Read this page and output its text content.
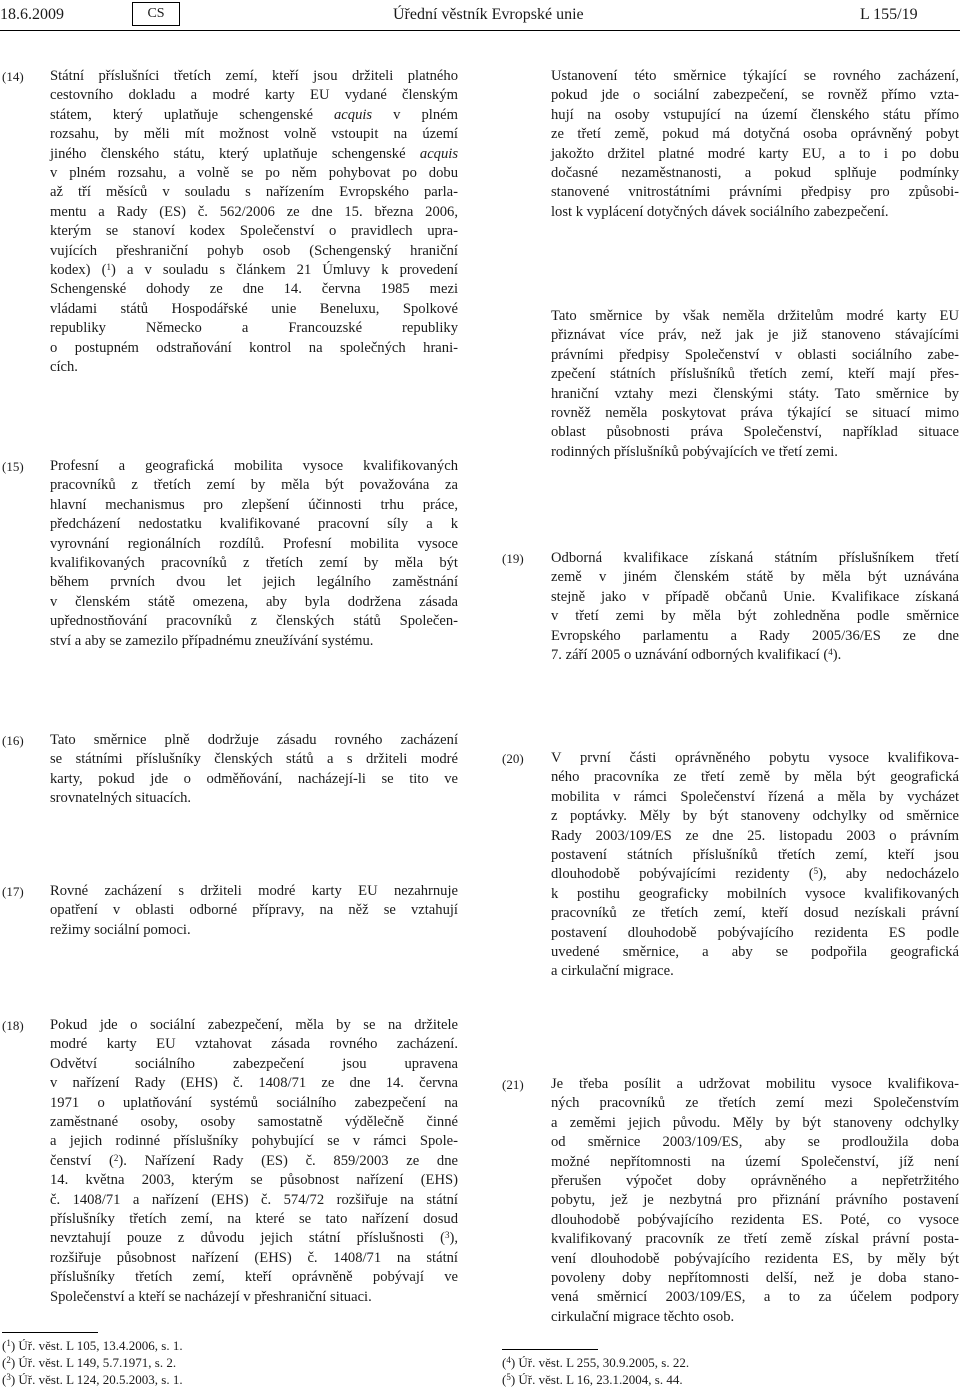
18.6.2009	CS	Úřední věstník Evropské unie	L 155/19
(14) Státní příslušníci třetích zemí, kteří jsou držiteli platného
cestovního dokladu a modré karty EU vydané členským
státem, který uplatňuje schengenské acquis v plném
rozsahu, by měli mít možnost volně vstoupit na území
jiného členského státu, který uplatňuje schengenské acquis
v plném rozsahu, a volně se po něm pohybovat po dobu
až tří měsíců v souladu s nařízením Evropského parla-
mentu a Rady (ES) č. 562/2006 ze dne 15. března 2006,
kterým se stanoví kodex Společenství o pravidlech upra-
vujících přeshraniční pohyb osob (Schengenský hraniční
kodex) ($^1$) a v souladu s článkem 21 Úmluvy k provedení
Schengenské dohody ze dne 14. června 1985 mezi
vládami států Hospodářské unie Beneluxu, Spolkové
republiky Německo a Francouzské republiky
o postupném odstraňování kontrol na společných hrani-
cích.
(15) Profesní a geografická mobilita vysoce kvalifikovaných
pracovníků z třetích zemí by měla být považována za
hlavní mechanismus pro zlepšení účinnosti trhu práce,
předcházení nedostatku kvalifikované pracovní síly a k
vyrovnání regionálních rozdílů. Profesní mobilita vysoce
kvalifikovaných pracovníků z třetích zemí by měla být
během prvních dvou let jejich legálního zaměstnání
v členském státě omezena, aby byla dodržena zásada
upřednostňování pracovníků z členských států Společen-
ství a aby se zamezilo případnému zneužívání systému.
Ustanovení této směrnice týkající se rovného zacházení,
pokud jde o sociální zabezpečení, se rovněž přímo vzta-
hují na osoby vstupující na území členského státu přímo
ze třetí země, pokud má dotyčná osoba oprávněný pobyt
jakožto držitel platné modré karty EU, a to i po dobu
dočasné nezaměstnanosti, a pokud splňuje podmínky
stanovené vnitrostátními právními předpisy pro způsobi-
lost k vyplácení dotyčných dávek sociálního zabezpečení.
Tato směrnice by však neměla držitelům modré karty EU
přiznávat více práv, než jak je již stanoveno stávajícími
právními předpisy Společenství v oblasti sociálního zabe-
zpečení státních příslušníků třetích zemí, kteří mají přes-
hraniční vztahy mezi členskými státy. Tato směrnice by
rovněž neměla poskytovat práva týkající se situací mimo
oblast působnosti práva Společenství, například situace
rodinných příslušníků pobývajících ve třetí zemi.
(19) Odborná kvalifikace získaná státním příslušníkem třetí
země v jiném členském státě by měla být uznávána
stejně jako v případě občanů Unie. Kvalifikace získaná
v třetí zemi by měla být zohledněna podle směrnice
Evropského parlamentu a Rady 2005/36/ES ze dne
7. září 2005 o uznávání odborných kvalifikací ($^4$).
(16) Tato směrnice plně dodržuje zásadu rovného zacházení
se státními příslušníky členských států a s držiteli modré
karty, pokud jde o odměňování, nacházejí-li se tito ve
srovnatelných situacích.
(17) Rovné zacházení s držiteli modré karty EU nezahrnuje
opatření v oblasti odborné přípravy, na něž se vztahují
režimy sociální pomoci.
(18) Pokud jde o sociální zabezpečení, měla by se na držitele
modré karty EU vztahovat zásada rovného zacházení.
Odvětví sociálního zabezpečení jsou upravena
v nařízení Rady (EHS) č. 1408/71 ze dne 14. června
1971 o uplatňování systémů sociálního zabezpečení na
zaměstnané osoby, osoby samostatně výdělečně činné
a jejich rodinné příslušníky pohybující se v rámci Spole-
čenství ($^2$). Nařízení Rady (ES) č. 859/2003 ze dne
14. května 2003, kterým se působnost nařízení (EHS)
č. 1408/71 a nařízení (EHS) č. 574/72 rozšiřuje na státní
příslušníky třetích zemí, na které se tato nařízení dosud
nevztahují pouze z důvodu jejich státní příslušnosti ($^3$),
rozšiřuje působnost nařízení (EHS) č. 1408/71 na státní
příslušníky třetích zemí, kteří oprávněně pobývají ve
Společenství a kteří se nacházejí v přeshraniční situaci.
(20) V první části oprávněného pobytu vysoce kvalifikova-
ného pracovníka ze třetí země by měla být geografická
mobilita v rámci Společenství řízená a měla by vycházet
z poptávky. Měly by být stanoveny odchylky od směrnice
Rady 2003/109/ES ze dne 25. listopadu 2003 o právním
postavení státních příslušníků třetích zemí, kteří jsou
dlouhodobě pobývajícími rezidenty ($^5$), aby nedocházelo
k postihu geograficky mobilních vysoce kvalifikovaných
pracovníků ze třetích zemí, kteří dosud nezískali právní
postavení dlouhodobě pobývajícího rezidenta ES podle
uvedené směrnice, a aby se podpořila geografická
a cirkulační migrace.
(21) Je třeba posílit a udržovat mobilitu vysoce kvalifikova-
ných pracovníků ze třetích zemí mezi Společenstvím
a zeměmi jejich původu. Měly by být stanoveny odchylky
od směrnice 2003/109/ES, aby se prodloužila doba
možné nepřítomnosti na území Společenství, jíž není
přerušen výpočet doby oprávněného a nepřetržitého
pobytu, jež je nezbytná pro přiznání právního postavení
dlouhodobě pobývajícího rezidenta ES. Poté, co vysoce
kvalifikovaný pracovník ze třetí země získal právní posta-
vení dlouhodobě pobývajícího rezidenta ES, by měly být
povoleny doby nepřítomnosti delší, než je doba stano-
vená směrnicí 2003/109/ES, a to za účelem podpory
cirkulační migrace těchto osob.
($^1$) Úř. věst. L 105, 13.4.2006, s. 1.
($^2$) Úř. věst. L 149, 5.7.1971, s. 2.
($^3$) Úř. věst. L 124, 20.5.2003, s. 1.
($^4$) Úř. věst. L 255, 30.9.2005, s. 22.
($^5$) Úř. věst. L 16, 23.1.2004, s. 44.
